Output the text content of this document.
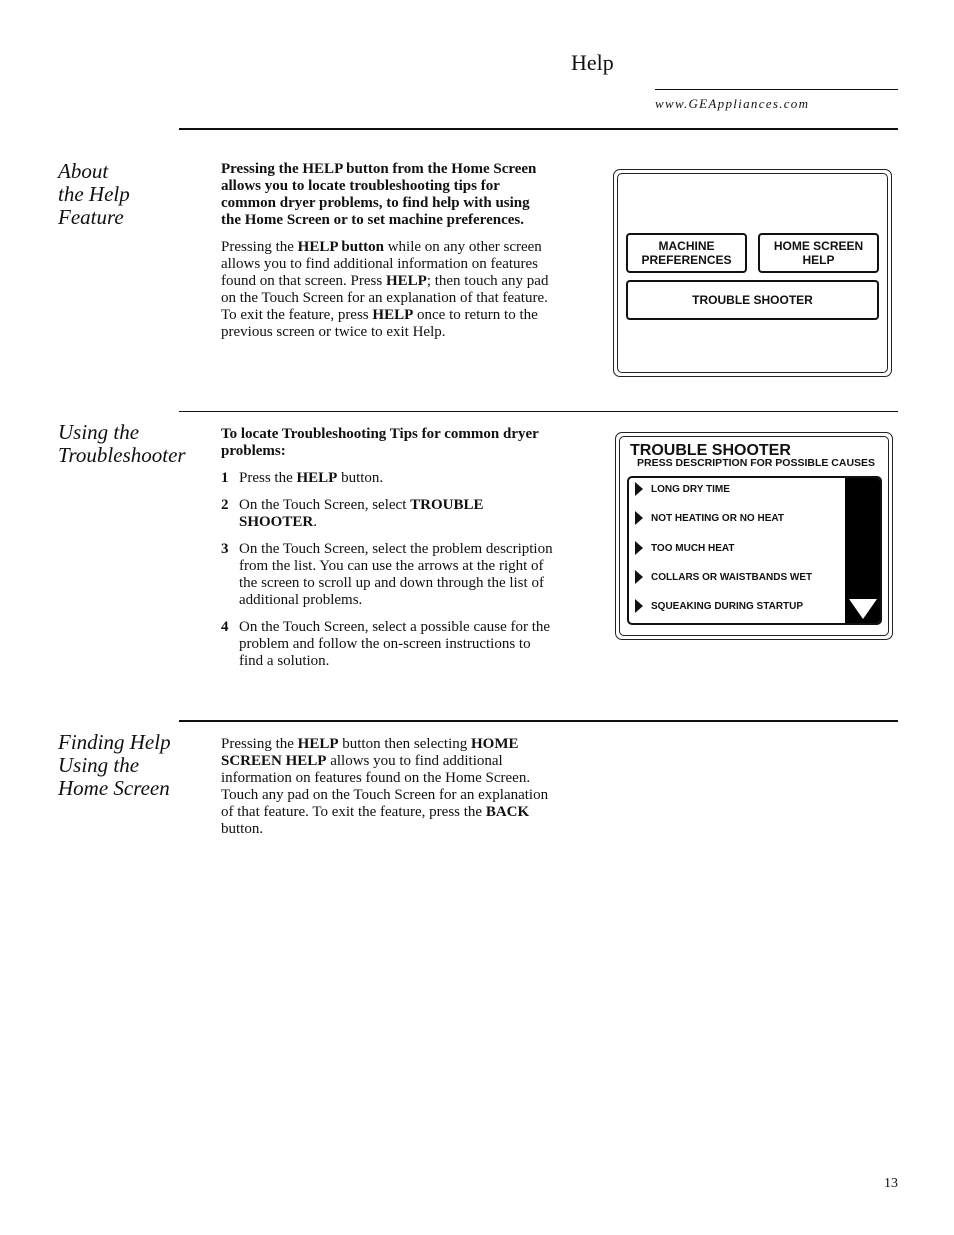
Help
www.GEAppliances.com
About
the Help
Feature

Pressing the HELP button from the Home Screen allows you to locate troubleshooting tips for common dryer problems, to find help with using the Home Screen or to set machine preferences.

Pressing the HELP button while on any other screen allows you to find additional information on features found on that screen. Press HELP; then touch any pad on the Touch Screen for an explanation of that feature. To exit the feature, press HELP once to return to the previous screen or twice to exit Help.

MACHINE
PREFERENCES
HOME SCREEN
HELP
TROUBLE SHOOTER
Using the
Troubleshooter

To locate Troubleshooting Tips for common dryer problems:

1 Press the HELP button.
2 On the Touch Screen, select TROUBLE SHOOTER.
3 On the Touch Screen, select the problem description from the list. You can use the arrows at the right of the screen to scroll up and down through the list of additional problems.
4 On the Touch Screen, select a possible cause for the problem and follow the on-screen instructions to find a solution.
TROUBLE SHOOTER
PRESS DESCRIPTION FOR POSSIBLE CAUSES
LONG DRY TIME
NOT HEATING OR NO HEAT
TOO MUCH HEAT
COLLARS OR WAISTBANDS WET
SQUEAKING DURING STARTUP
Finding Help
Using the
Home Screen

Pressing the HELP button then selecting HOME SCREEN HELP allows you to find additional information on features found on the Home Screen. Touch any pad on the Touch Screen for an explanation of that feature. To exit the feature, press the BACK button.

13
